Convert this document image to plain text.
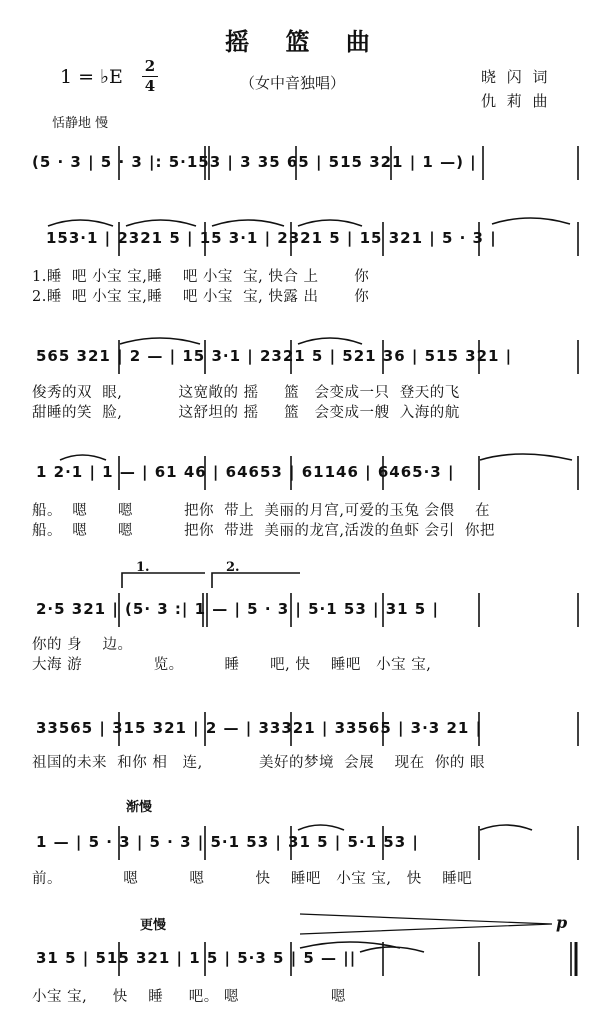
摇 篮 曲
1 = ♭E 2
4	（女中音独唱）	晓 闪 词
仇 莉 曲
恬静地 慢
(5 · 3 | 5 · 3 |: 5·153 | 3 35 65 | 515 321 | 1 —) |
153·1 | 2321 5 | 15 3·1 | 2321 5 | 15 321 | 5 · 3 |
1.睡  吧 小宝 宝,睡    吧 小宝  宝, 快合 上       你
2.睡  吧 小宝 宝,睡    吧 小宝  宝, 快露 出       你
565 321 | 2 — | 15 3·1 | 2321 5 | 521 36 | 515 321 |
俊秀的双  眼,           这宽敞的 摇     篮   会变成一只  登天的飞
甜睡的笑  脸,           这舒坦的 摇     篮   会变成一艘  入海的航
1 2·1 | 1 — | 61 46 | 64653 | 61146 | 6465·3 |
船。  嗯      嗯          把你  带上  美丽的月宫,可爱的玉兔 会偎    在
船。  嗯      嗯          把你  带进  美丽的龙宫,活泼的鱼虾 会引  你把
1.	2.
2·5 321 | (5· 3 :| 1 — | 5 · 3 | 5·1 53 | 31 5 |
你的 身    边。
大海 游              览。        睡      吧, 快    睡吧   小宝 宝,
33565 | 315 321 | 2 — | 33321 | 33565 | 3·3 21 |
祖国的未来  和你 相   连,           美好的梦境  会展    现在  你的 眼
渐慢
1 — | 5 · 3 | 5 · 3 | 5·1 53 | 31 5 | 5·1 53 |
前。            嗯          嗯          快    睡吧   小宝 宝,   快    睡吧
更慢	p
31 5 | 515 321 | 1 5 | 5·3 5 | 5 — ||
小宝 宝,     快    睡     吧。 嗯                  嗯
